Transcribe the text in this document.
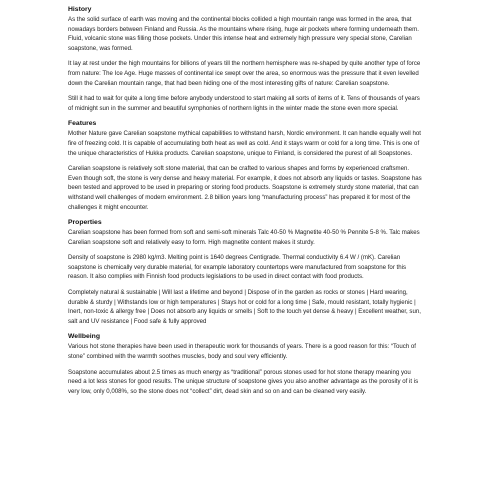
History

As the solid surface of earth was moving and the continental blocks collided a high mountain range was formed in the area, that nowadays borders between Finland and Russia. As the mountains where rising, huge air pockets where forming underneath them. Fluid, volcanic stone was filling those pockets. Under this intense heat and extremely high pressure very special stone, Carelian soapstone, was formed.

It lay at rest under the high mountains for billions of years till the northern hemisphere was re-shaped by quite another type of force from nature: The Ice Age. Huge masses of continental ice swept over the area, so enormous was the pressure that it even levelled down the Carelian mountain range, that had been hiding one of the most interesting gifts of nature: Carelian soapstone.

Still it had to wait for quite a long time before anybody understood to start making all sorts of items of it. Tens of thousands of years of midnight sun in the summer and beautiful symphonies of northern lights in the winter made the stone even more special.

Features

Mother Nature gave Carelian soapstone mythical capabilities to withstand harsh, Nordic environment. It can handle equally well hot fire of freezing cold. It is capable of accumulating both heat as well as cold. And it stays warm or cold for a long time. This is one of the unique characteristics of Hukka products. Carelian soapstone, unique to Finland, is considered the purest of all Soapstones.

Carelian soapstone is relatively soft stone material, that can be crafted to various shapes and forms by experienced craftsmen. Even though soft, the stone is very dense and heavy material. For example, it does not absorb any liquids or tastes. Soapstone has been tested and approved to be used in preparing or storing food products. Soapstone is extremely sturdy stone material, that can withstand well challenges of modern environment. 2.8 billion years long “manufacturing process” has prepared it for most of the challenges it might encounter.

Properties

Carelian soapstone has been formed from soft and semi-soft minerals Talc 40-50 % Magnetite 40-50 % Pennite 5-8 %. Talc makes Carelian soapstone soft and relatively easy to form. High magnetite content makes it sturdy.

Density of soapstone is 2980 kg/m3. Melting point is 1640 degrees Centigrade. Thermal conductivity 6.4 W / (mK). Carelian soapstone is chemically very durable material, for example laboratory countertops were manufactured from soapstone for this reason. It also complies with Finnish food products legislations to be used in direct contact with food products.

Completely natural & sustainable | Will last a lifetime and beyond | Dispose of in the garden as rocks or stones | Hard wearing, durable & sturdy | Withstands low or high temperatures | Stays hot or cold for a long time | Safe, mould resistant, totally hygienic | Inert, non-toxic & allergy free | Does not absorb any liquids or smells | Soft to the touch yet dense & heavy | Excellent weather, sun, salt and UV resistance | Food safe & fully approved

Wellbeing

Various hot stone therapies have been used in therapeutic work for thousands of years. There is a good reason for this: “Touch of stone” combined with the warmth soothes muscles, body and soul very efficiently.

Soapstone accumulates about 2.5 times as much energy as “traditional” porous stones used for hot stone therapy meaning you need a lot less stones for good results. The unique structure of soapstone gives you also another advantage as the porosity of it is very low, only 0,008%, so the stone does not “collect” dirt, dead skin and so on and can be cleaned very easily.
